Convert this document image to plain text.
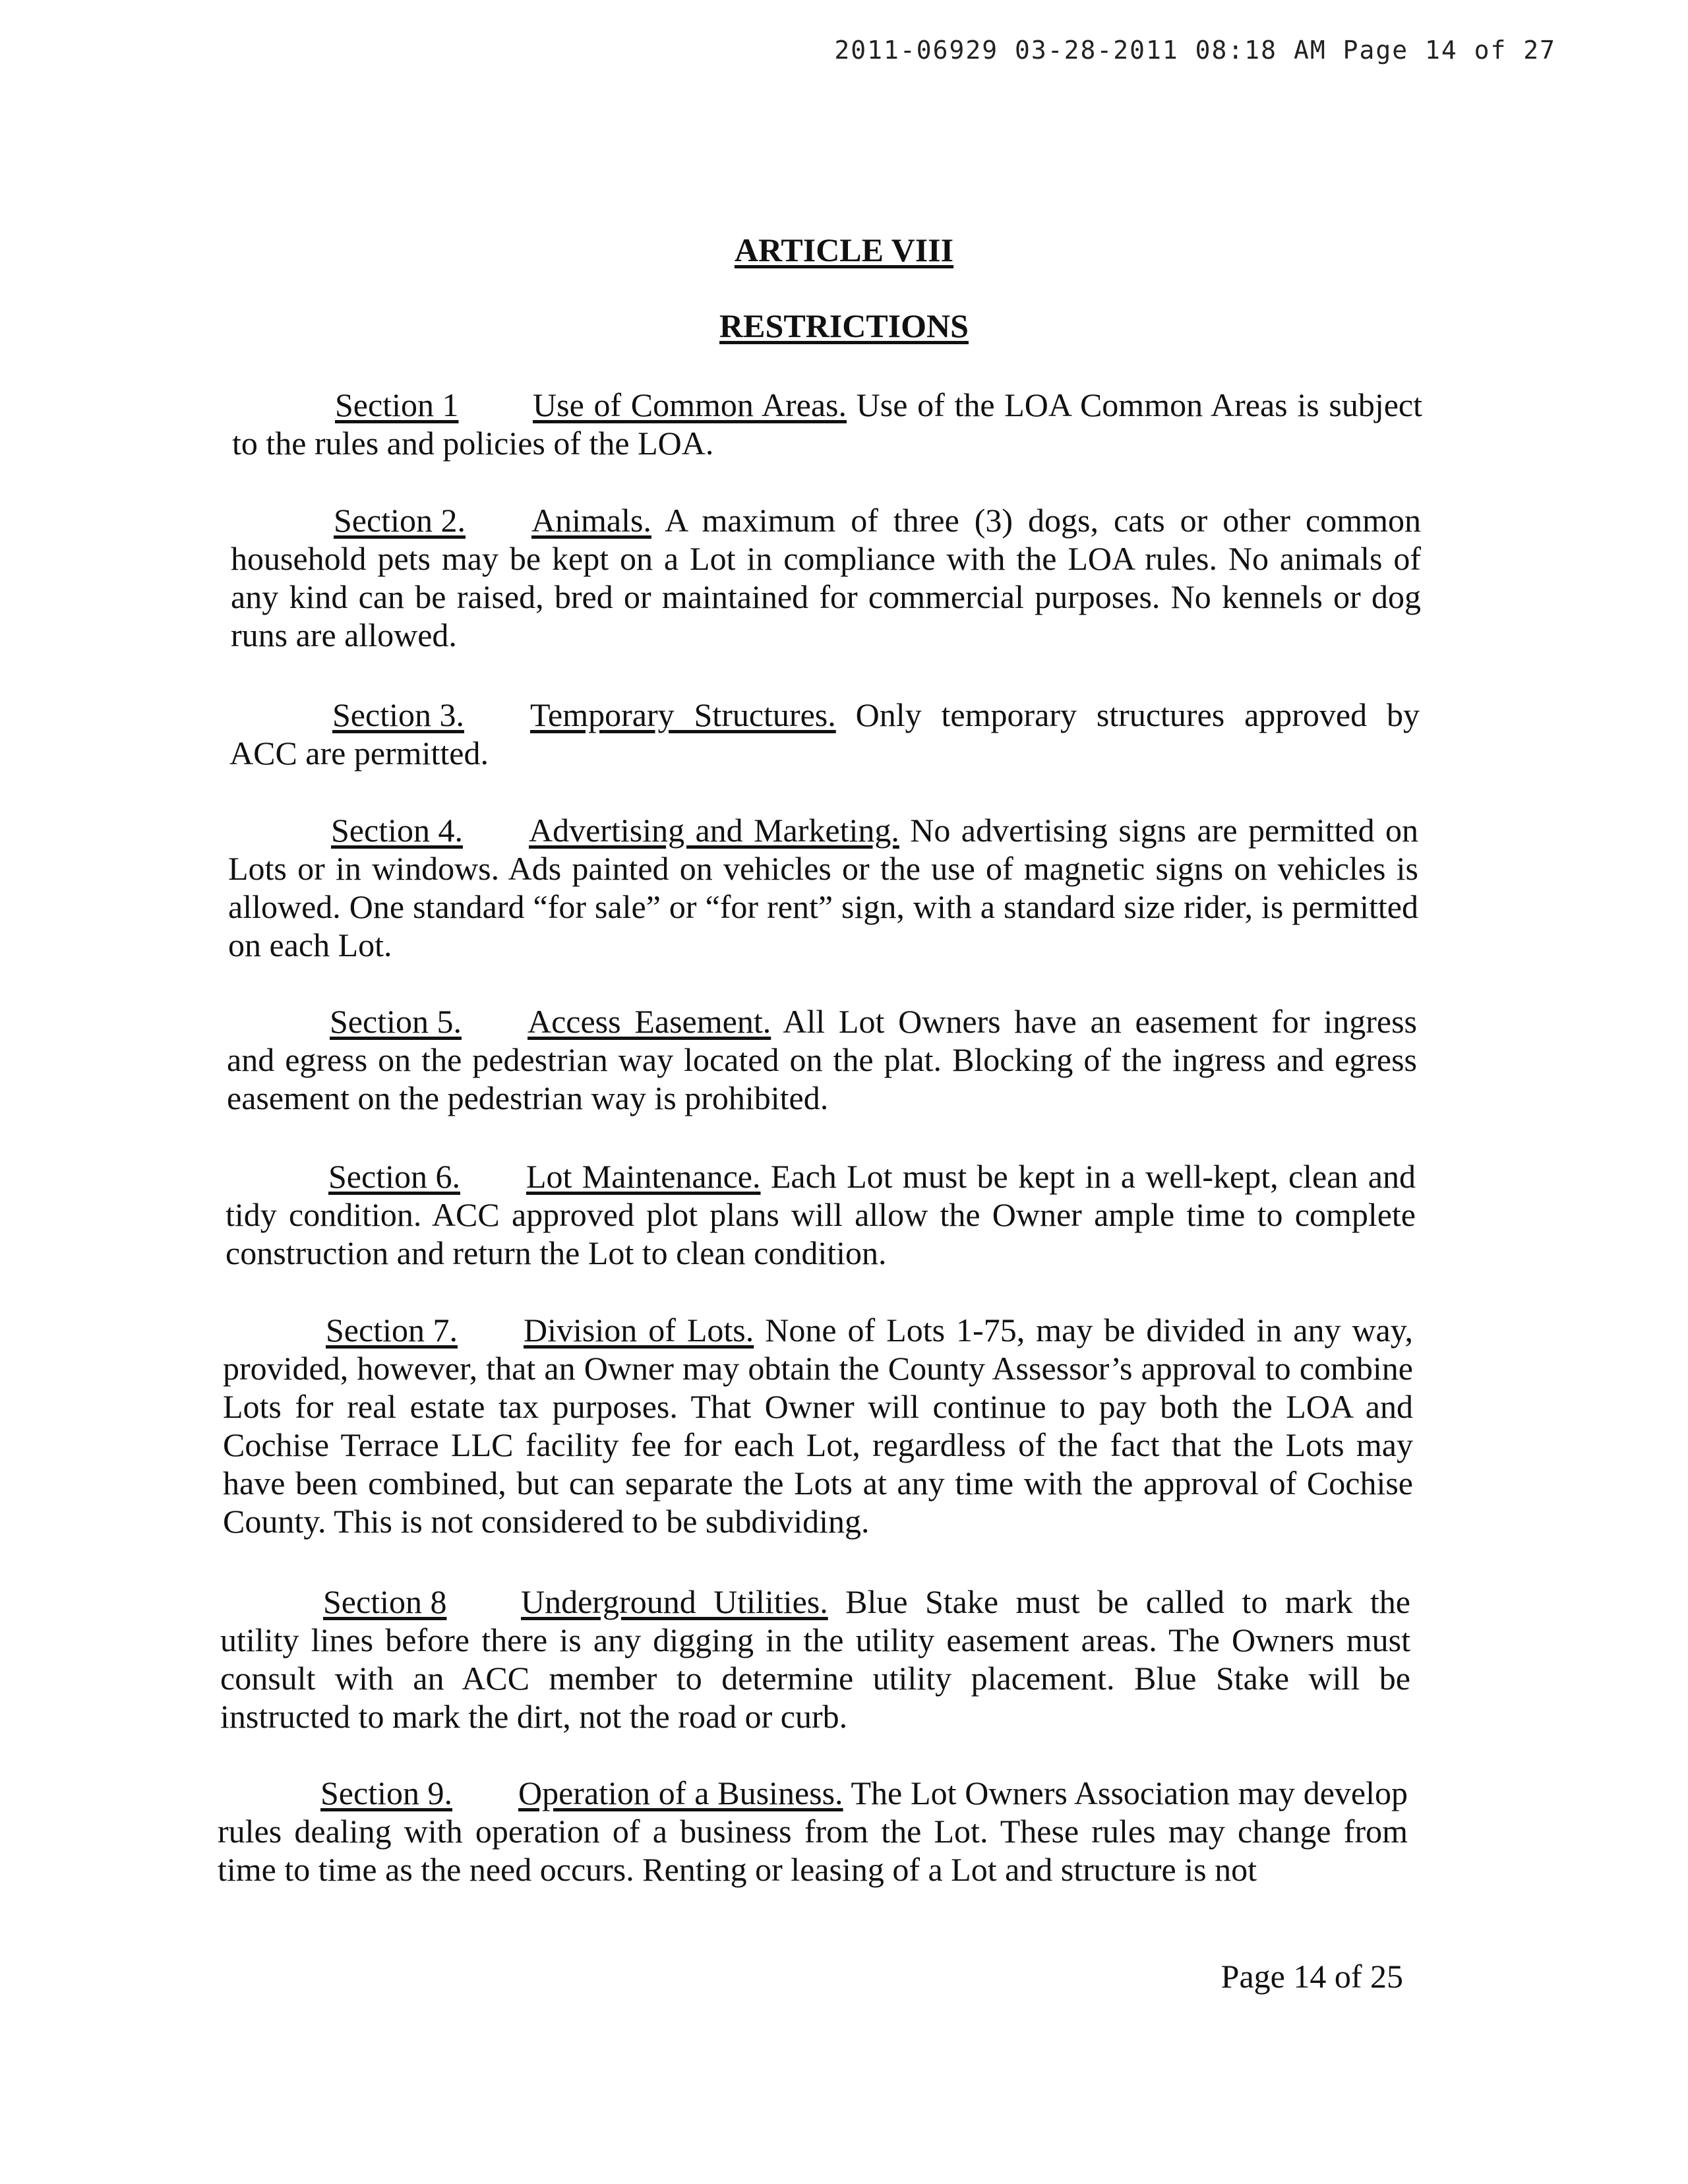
2011-06929 03-28-2011 08:18 AM Page 14 of 27
ARTICLE VIII
RESTRICTIONS
Section 1 Use of Common Areas. Use of the LOA Common Areas is subject to the rules and policies of the LOA.
Section 2. Animals. A maximum of three (3) dogs, cats or other common household pets may be kept on a Lot in compliance with the LOA rules. No animals of any kind can be raised, bred or maintained for commercial purposes. No kennels or dog runs are allowed.
Section 3. Temporary Structures. Only temporary structures approved by ACC are permitted.
Section 4. Advertising and Marketing. No advertising signs are permitted on Lots or in windows. Ads painted on vehicles or the use of magnetic signs on vehicles is allowed. One standard “for sale” or “for rent” sign, with a standard size rider, is permitted on each Lot.
Section 5. Access Easement. All Lot Owners have an easement for ingress and egress on the pedestrian way located on the plat. Blocking of the ingress and egress easement on the pedestrian way is prohibited.
Section 6. Lot Maintenance. Each Lot must be kept in a well-kept, clean and tidy condition. ACC approved plot plans will allow the Owner ample time to complete construction and return the Lot to clean condition.
Section 7. Division of Lots. None of Lots 1-75, may be divided in any way, provided, however, that an Owner may obtain the County Assessor’s approval to combine Lots for real estate tax purposes. That Owner will continue to pay both the LOA and Cochise Terrace LLC facility fee for each Lot, regardless of the fact that the Lots may have been combined, but can separate the Lots at any time with the approval of Cochise County. This is not considered to be subdividing.
Section 8 Underground Utilities. Blue Stake must be called to mark the utility lines before there is any digging in the utility easement areas. The Owners must consult with an ACC member to determine utility placement. Blue Stake will be instructed to mark the dirt, not the road or curb.
Section 9. Operation of a Business. The Lot Owners Association may develop rules dealing with operation of a business from the Lot. These rules may change from time to time as the need occurs. Renting or leasing of a Lot and structure is not
Page 14 of 25
